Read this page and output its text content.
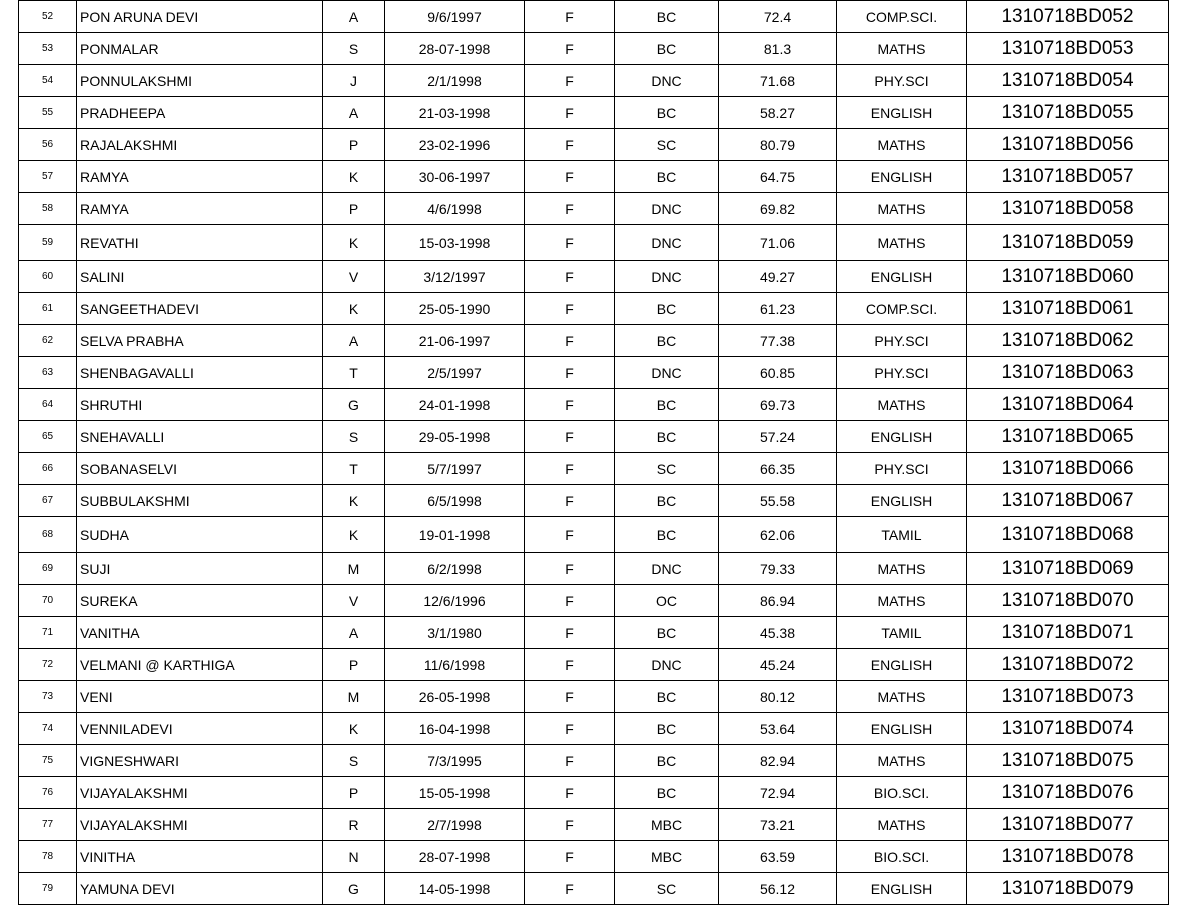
52	PON ARUNA DEVI	A	9/6/1997	F	BC	72.4	COMP.SCI.	1310718BD052
53	PONMALAR	S	28-07-1998	F	BC	81.3	MATHS	1310718BD053
54	PONNULAKSHMI	J	2/1/1998	F	DNC	71.68	PHY.SCI	1310718BD054
55	PRADHEEPA	A	21-03-1998	F	BC	58.27	ENGLISH	1310718BD055
56	RAJALAKSHMI	P	23-02-1996	F	SC	80.79	MATHS	1310718BD056
57	RAMYA	K	30-06-1997	F	BC	64.75	ENGLISH	1310718BD057
58	RAMYA	P	4/6/1998	F	DNC	69.82	MATHS	1310718BD058
59	REVATHI	K	15-03-1998	F	DNC	71.06	MATHS	1310718BD059
60	SALINI	V	3/12/1997	F	DNC	49.27	ENGLISH	1310718BD060
61	SANGEETHADEVI	K	25-05-1990	F	BC	61.23	COMP.SCI.	1310718BD061
62	SELVA PRABHA	A	21-06-1997	F	BC	77.38	PHY.SCI	1310718BD062
63	SHENBAGAVALLI	T	2/5/1997	F	DNC	60.85	PHY.SCI	1310718BD063
64	SHRUTHI	G	24-01-1998	F	BC	69.73	MATHS	1310718BD064
65	SNEHAVALLI	S	29-05-1998	F	BC	57.24	ENGLISH	1310718BD065
66	SOBANASELVI	T	5/7/1997	F	SC	66.35	PHY.SCI	1310718BD066
67	SUBBULAKSHMI	K	6/5/1998	F	BC	55.58	ENGLISH	1310718BD067
68	SUDHA	K	19-01-1998	F	BC	62.06	TAMIL	1310718BD068
69	SUJI	M	6/2/1998	F	DNC	79.33	MATHS	1310718BD069
70	SUREKA	V	12/6/1996	F	OC	86.94	MATHS	1310718BD070
71	VANITHA	A	3/1/1980	F	BC	45.38	TAMIL	1310718BD071
72	VELMANI @ KARTHIGA	P	11/6/1998	F	DNC	45.24	ENGLISH	1310718BD072
73	VENI	M	26-05-1998	F	BC	80.12	MATHS	1310718BD073
74	VENNILADEVI	K	16-04-1998	F	BC	53.64	ENGLISH	1310718BD074
75	VIGNESHWARI	S	7/3/1995	F	BC	82.94	MATHS	1310718BD075
76	VIJAYALAKSHMI	P	15-05-1998	F	BC	72.94	BIO.SCI.	1310718BD076
77	VIJAYALAKSHMI	R	2/7/1998	F	MBC	73.21	MATHS	1310718BD077
78	VINITHA	N	28-07-1998	F	MBC	63.59	BIO.SCI.	1310718BD078
79	YAMUNA DEVI	G	14-05-1998	F	SC	56.12	ENGLISH	1310718BD079
